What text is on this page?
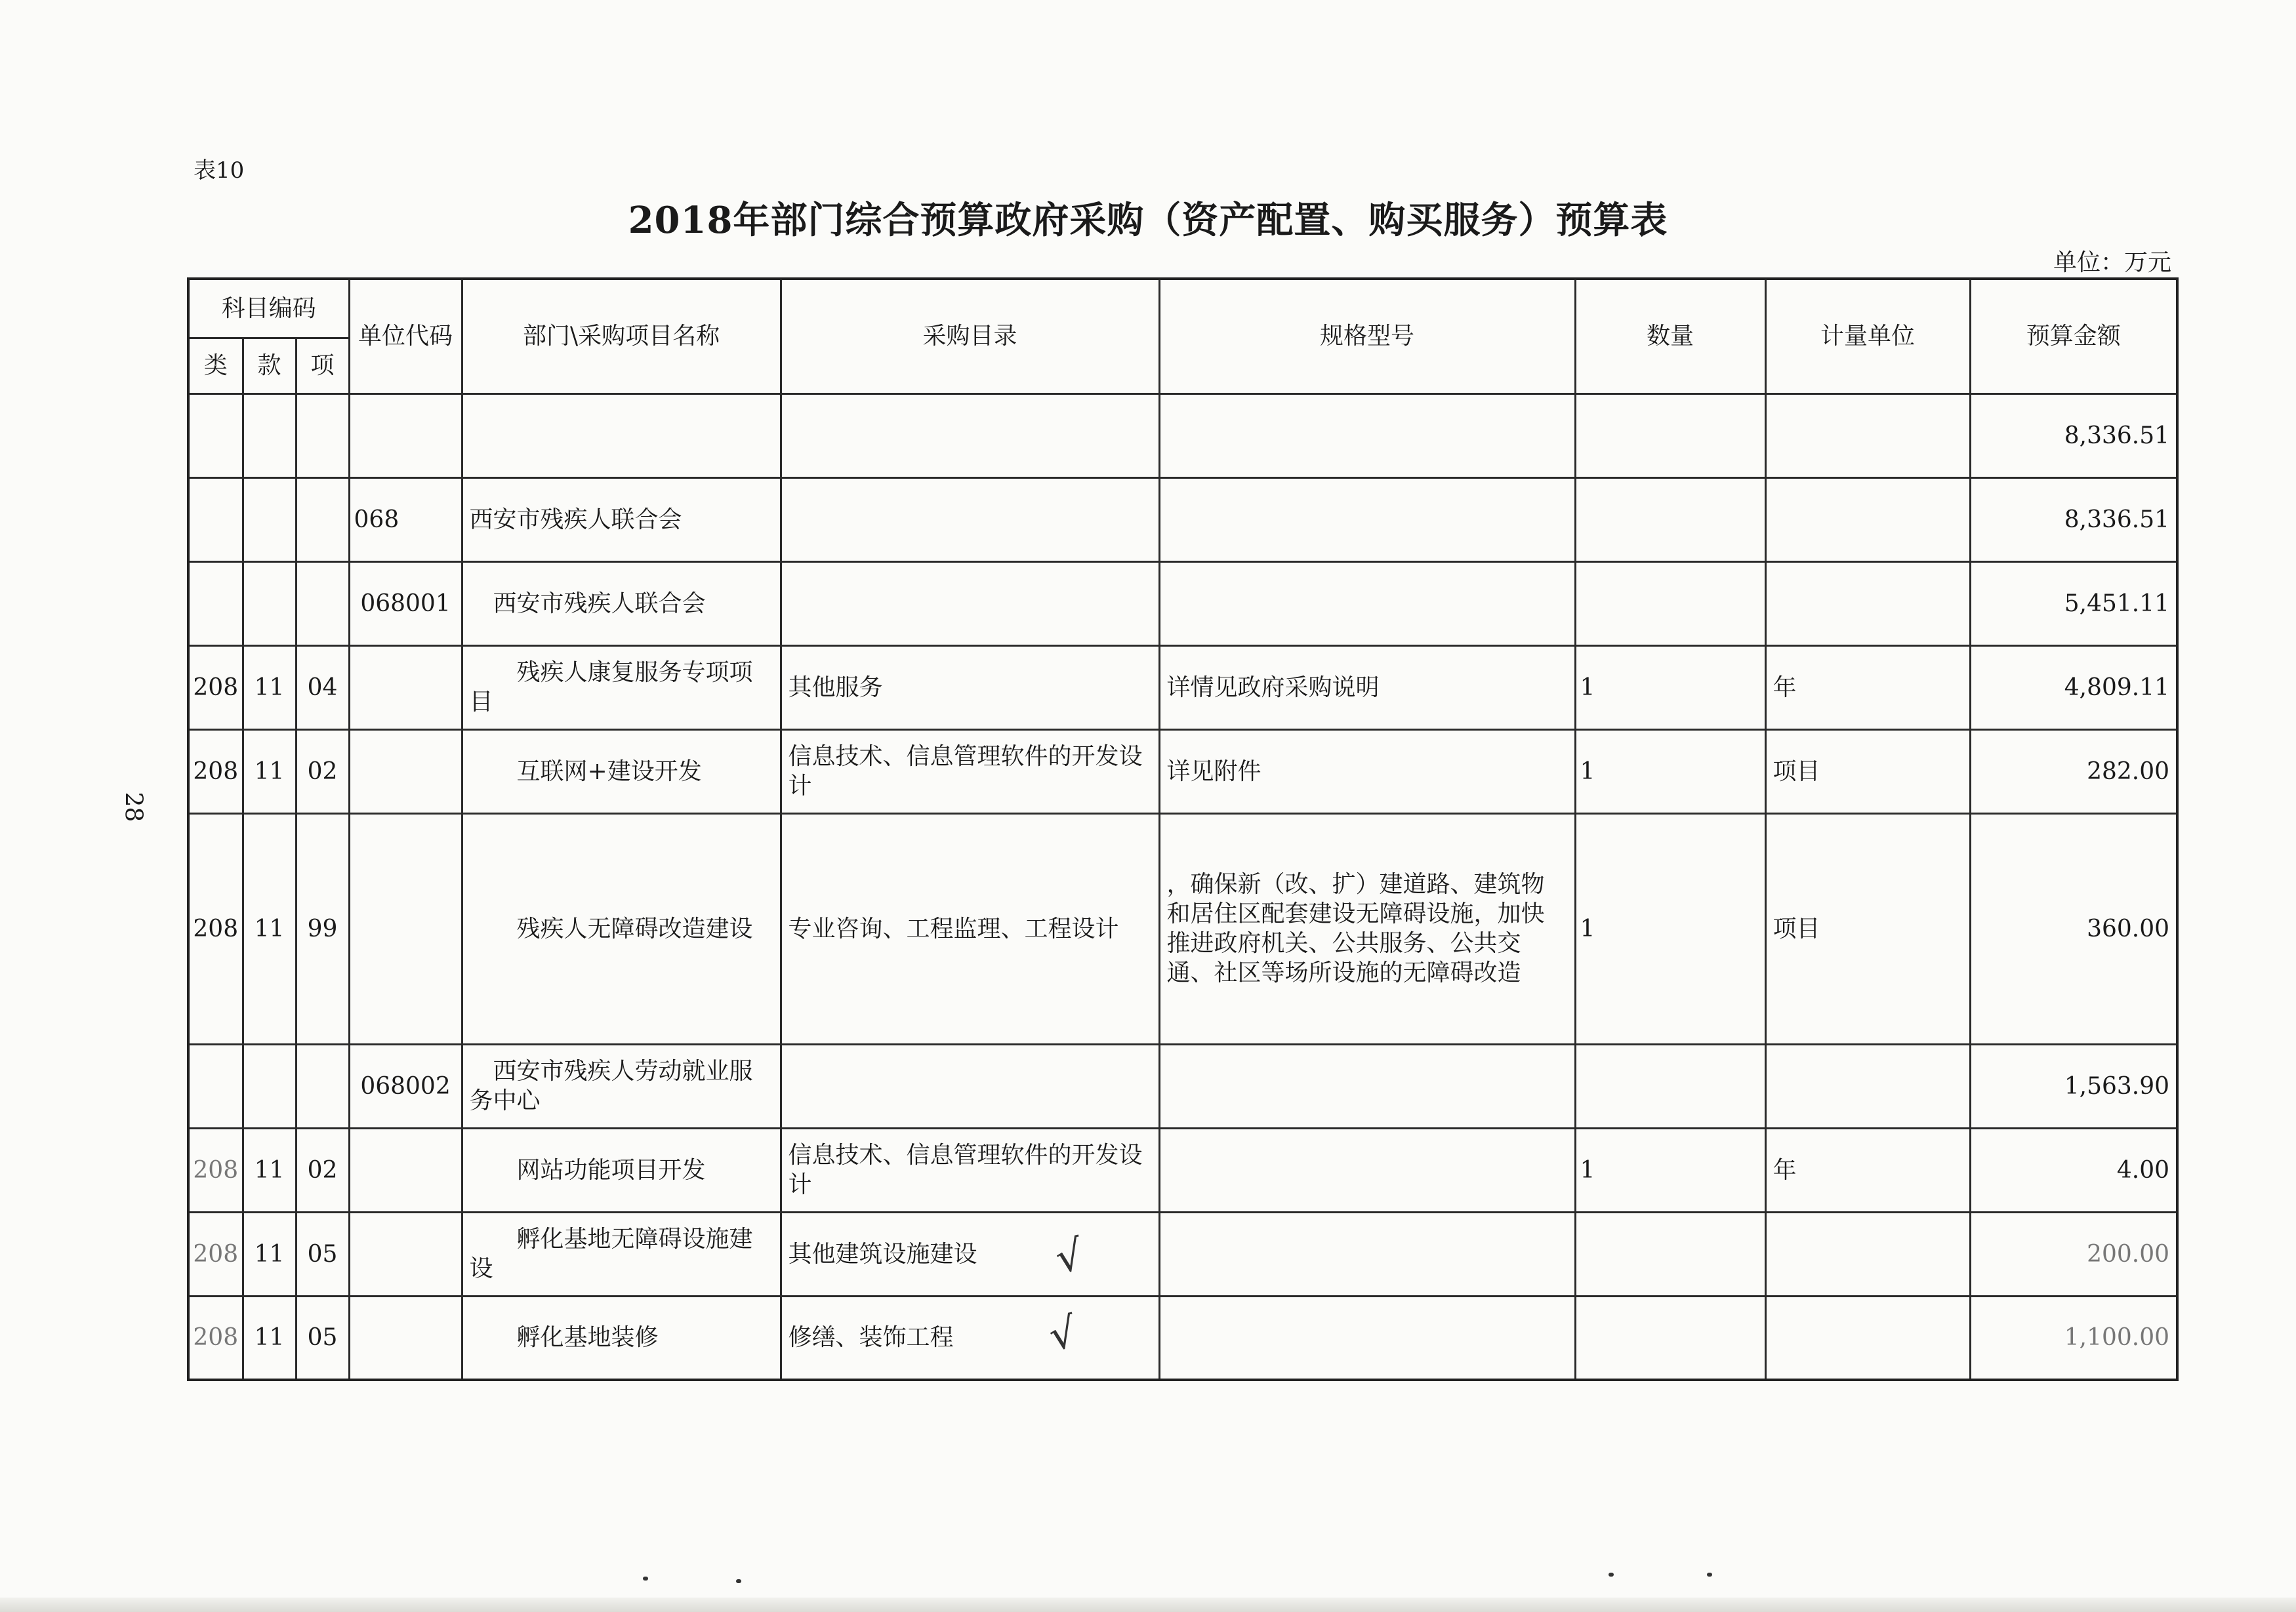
表10
2018年部门综合预算政府采购（资产配置、购买服务）预算表
单位：万元
28
科目编码			单位代码	部门\采购项目名称	采购目录	规格型号	数量	计量单位	预算金额
类	款	项							
									8,336.51
			068	西安市残疾人联合会					8,336.51
			068001	西安市残疾人联合会					5,451.11
208	11	04		残疾人康复服务专项项目	其他服务	详情见政府采购说明	1	年	4,809.11
208	11	02		互联网+建设开发	信息技术、信息管理软件的开发设计	详见附件	1	项目	282.00
208	11	99		残疾人无障碍改造建设	专业咨询、工程监理、工程设计	，确保新（改、扩）建道路、建筑物和居住区配套建设无障碍设施，加快推进政府机关、公共服务、公共交通、社区等场所设施的无障碍改造	1	项目	360.00
			068002	西安市残疾人劳动就业服务中心					1,563.90
208	11	02		网站功能项目开发	信息技术、信息管理软件的开发设计		1	年	4.00
208	11	05		孵化基地无障碍设施建设	其他建筑设施建设				200.00
208	11	05		孵化基地装修	修缮、装饰工程				1,100.00
√
√
